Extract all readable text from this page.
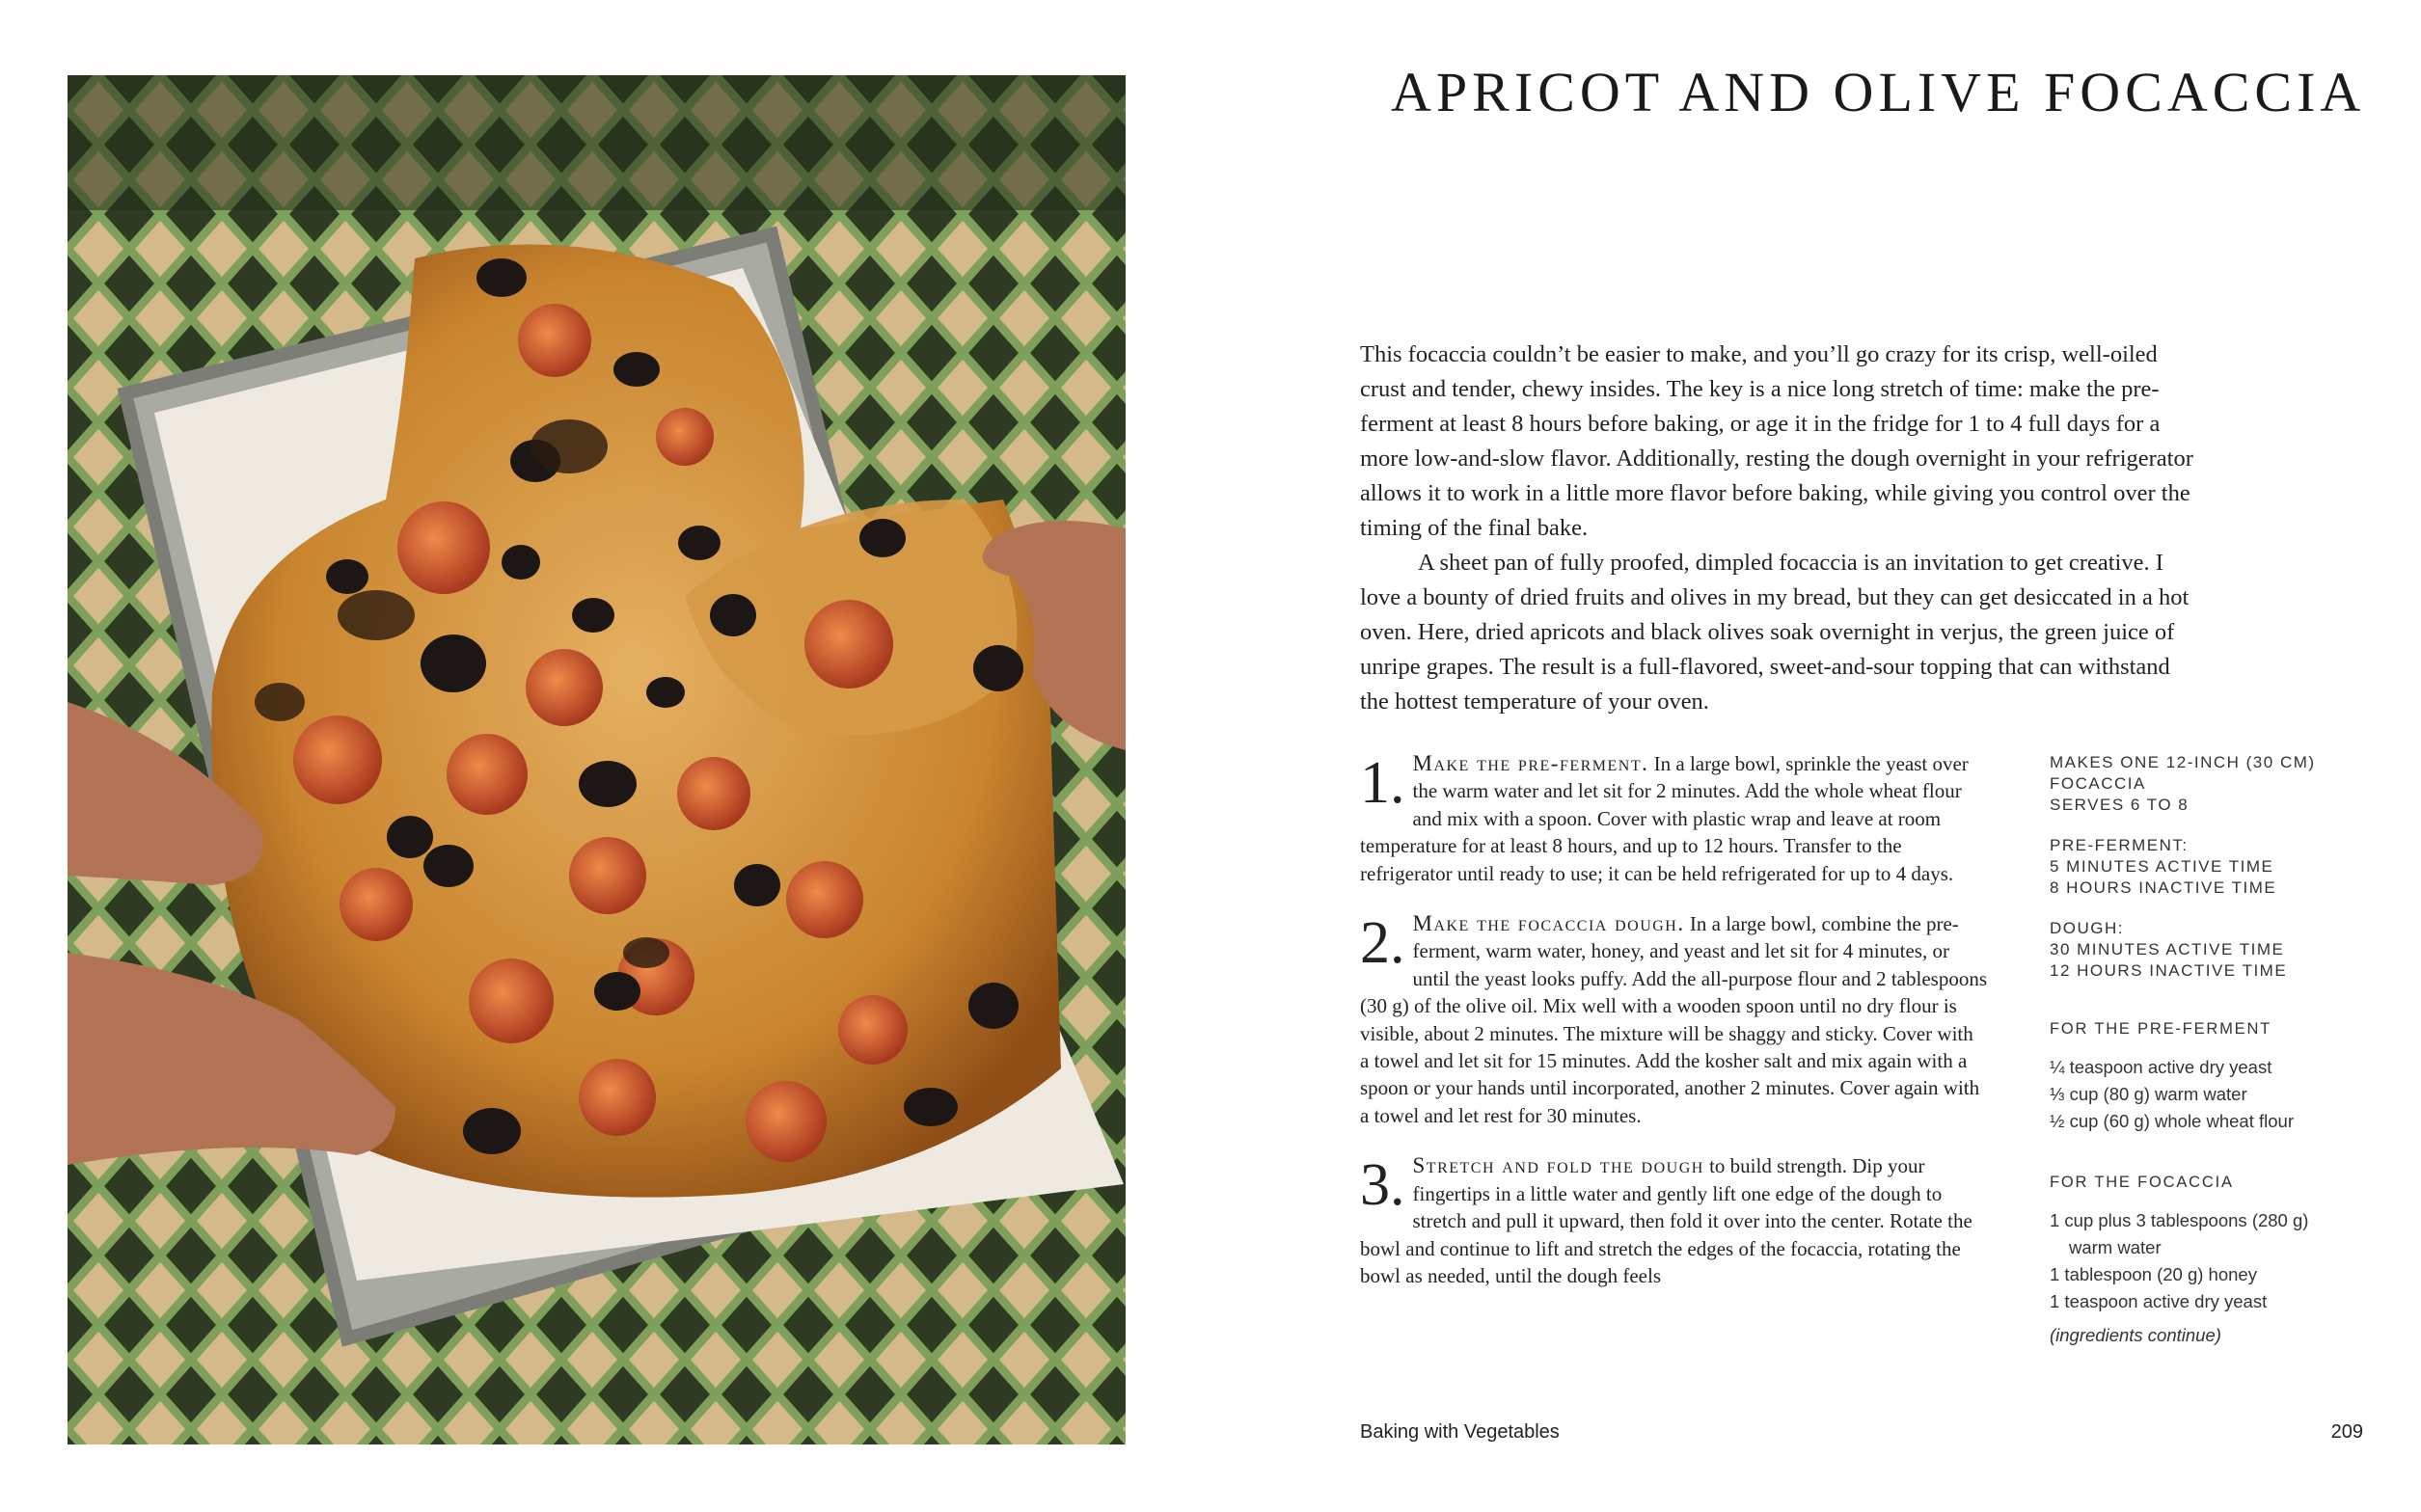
APRICOT AND OLIVE FOCACCIA

This focaccia couldn’t be easier to make, and you’ll go crazy for its crisp, well-oiled crust and tender, chewy insides. The key is a nice long stretch of time: make the pre-ferment at least 8 hours before baking, or age it in the fridge for 1 to 4 full days for a more low-and-slow flavor. Additionally, resting the dough overnight in your refrigerator allows it to work in a little more flavor before baking, while giving you control over the timing of the final bake.

A sheet pan of fully proofed, dimpled focaccia is an invitation to get creative. I love a bounty of dried fruits and olives in my bread, but they can get desiccated in a hot oven. Here, dried apricots and black olives soak overnight in verjus, the green juice of unripe grapes. The result is a full-flavored, sweet-and-sour topping that can withstand the hottest temperature of your oven.

1. Make the pre-ferment. In a large bowl, sprinkle the yeast over the warm water and let sit for 2 minutes. Add the whole wheat flour and mix with a spoon. Cover with plastic wrap and leave at room temperature for at least 8 hours, and up to 12 hours. Transfer to the refrigerator until ready to use; it can be held refrigerated for up to 4 days.
2. Make the focaccia dough. In a large bowl, combine the pre-ferment, warm water, honey, and yeast and let sit for 4 minutes, or until the yeast looks puffy. Add the all-purpose flour and 2 tablespoons (30 g) of the olive oil. Mix well with a wooden spoon until no dry flour is visible, about 2 minutes. The mixture will be shaggy and sticky. Cover with a towel and let sit for 15 minutes. Add the kosher salt and mix again with a spoon or your hands until incorporated, another 2 minutes. Cover again with a towel and let rest for 30 minutes.
3. Stretch and fold the dough to build strength. Dip your fingertips in a little water and gently lift one edge of the dough to stretch and pull it upward, then fold it over into the center. Rotate the bowl and continue to lift and stretch the edges of the focaccia, rotating the bowl as needed, until the dough feels
MAKES ONE 12-INCH (30 CM)
FOCACCIA
SERVES 6 TO 8
PRE-FERMENT:
5 MINUTES ACTIVE TIME
8 HOURS INACTIVE TIME
DOUGH:
30 MINUTES ACTIVE TIME
12 HOURS INACTIVE TIME
FOR THE PRE-FERMENT
¼ teaspoon active dry yeast
⅓ cup (80 g) warm water
½ cup (60 g) whole wheat flour
FOR THE FOCACCIA
1 cup plus 3 tablespoons (280 g)
warm water
1 tablespoon (20 g) honey
1 teaspoon active dry yeast
(ingredients continue)
Baking with Vegetables	209
